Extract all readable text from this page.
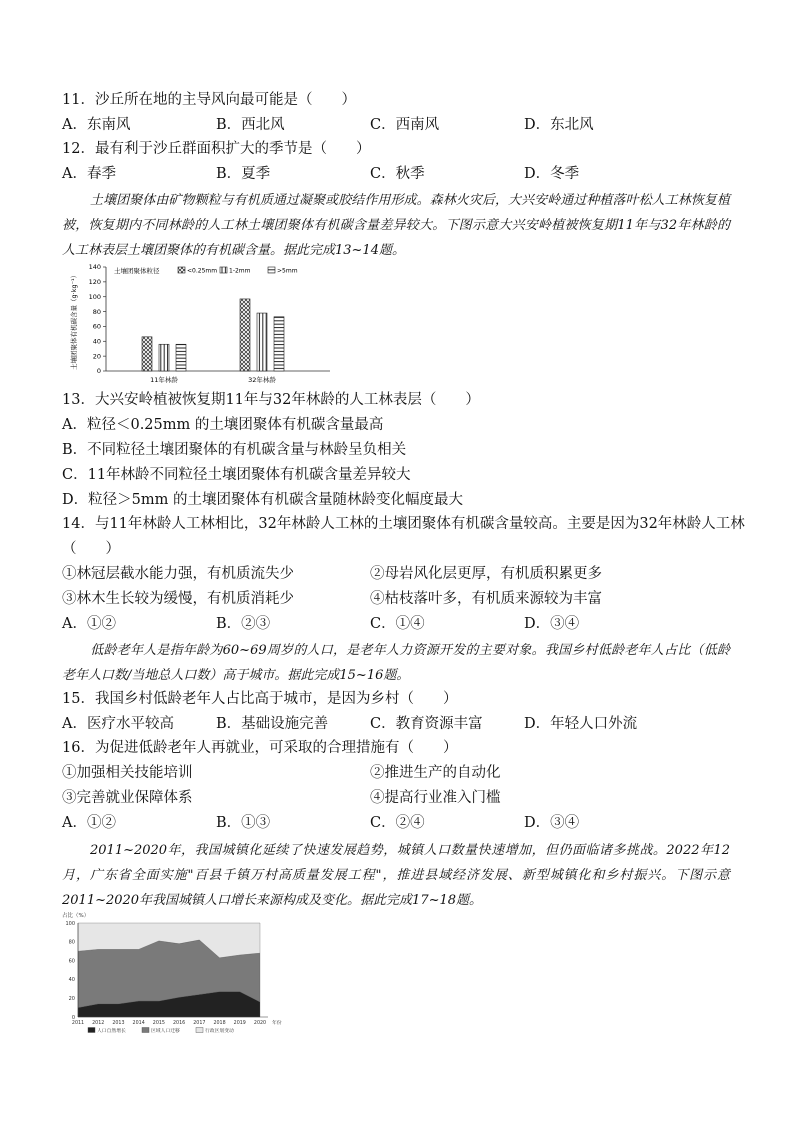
11．沙丘所在地的主导风向最可能是（　　）
A．东南风	B．西北风	C．西南风	D．东北风
12．最有利于沙丘群面积扩大的季节是（　　）
A．春季	B．夏季	C．秋季	D．冬季
土壤团聚体由矿物颗粒与有机质通过凝聚或胶结作用形成。森林火灾后，大兴安岭通过种植落叶松人工林恢复植被，恢复期内不同林龄的人工林土壤团聚体有机碳含量差异较大。下图示意大兴安岭植被恢复期11年与32年林龄的人工林表层土壤团聚体的有机碳含量。据此完成13~14题。
土壤团聚体有机碳含量（g·kg⁻¹）
0
20
40
60
80
100
120
140 土壤团聚体粒径	<0.25mm 1-2mm	>5mm
11年林龄	32年林龄
13．大兴安岭植被恢复期11年与32年林龄的人工林表层（　　）
A．粒径＜0.25mm 的土壤团聚体有机碳含量最高
B．不同粒径土壤团聚体的有机碳含量与林龄呈负相关
C．11年林龄不同粒径土壤团聚体有机碳含量差异较大
D．粒径＞5mm 的土壤团聚体有机碳含量随林龄变化幅度最大
14．与11年林龄人工林相比，32年林龄人工林的土壤团聚体有机碳含量较高。主要是因为32年林龄人工林
（　　）
①林冠层截水能力强，有机质流失少	②母岩风化层更厚，有机质积累更多
③林木生长较为缓慢，有机质消耗少	④枯枝落叶多，有机质来源较为丰富
A．①②	B．②③	C．①④	D．③④
低龄老年人是指年龄为60~69周岁的人口，是老年人力资源开发的主要对象。我国乡村低龄老年人占比（低龄老年人口数/当地总人口数）高于城市。据此完成15~16题。
15．我国乡村低龄老年人占比高于城市，是因为乡村（　　）
A．医疗水平较高	B．基础设施完善	C．教育资源丰富	D．年轻人口外流
16．为促进低龄老年人再就业，可采取的合理措施有（　　）
①加强相关技能培训	②推进生产的自动化
③完善就业保障体系	④提高行业准入门槛
A．①②	B．①③	C．②④	D．③④
2011~2020年，我国城镇化延续了快速发展趋势，城镇人口数量快速增加，但仍面临诸多挑战。2022年12月，广东省全面实施"百县千镇万村高质量发展工程"，推进县域经济发展、新型城镇化和乡村振兴。下图示意2011~2020年我国城镇人口增长来源构成及变化。据此完成17~18题。
占比（%）
0
20
40
60
80
100
2011 2012 2013 2014 2015 2016 2017 2018 2019 2020 年份
人口自然增长	区域人口迁移	行政区划变动
